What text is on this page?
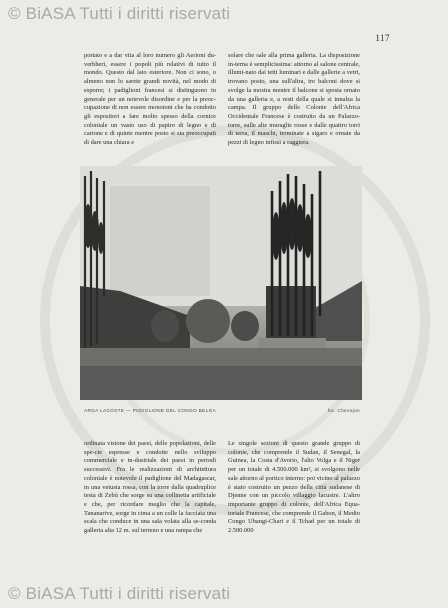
© BiASA Tutti i diritti riservati
117

portato e a dar vita al loro numero gli Aerioni du-verbheri, essere i popoli più relativi di tutto il mondo. Questo dal lato esteriore. Non ci sono, o almeno non lo sarete grandi novità, nel modo di esporre; i padiglioni francesi si distinguono in generale per un notevole disordine e per la preoc-cupazione di non essere monotoni che ha condotto gli espositori a fare molto spesso della cornice coloniale un vasto uso di papiro di legno e di cartone e di quinte mentre posto si sia preoccupati di dare una chiara e

solare che sale alla prima galleria. La disposizione in-terna è semplicissima: attorno al salone centrale, illumi-nato dai tetti luminari e dalle gallerie a vetri, trovano posto, una sull'altra, tre balconi dove si svolge la mostra mentre il balcone si sposta ornato da una galleria e, a resti della quale si innalza la campa. Il gruppo delle Colonie dell'Africa Occidentale Francese è costruito da un Palazzo-torre, sulle alte muraglie rosse e dalle quattro torri di terra, il maschi, terminate a sigaro e ornate da pezzi di legno infissi a raggiera.

ARGA LACOSTE — PADIGLIONE DEL CONGO BELGA	fot. Chevojon

ordinata visione dei paesi, delle popolazioni, delle spe-cie espresse e condotte nello sviluppo commerciale e in-dustriale dei paesi in periodi successivi. Fra le realizzazioni di architettura coloniale è notevole il padiglione del Madagascar, in una vetusta rossa, con la torre dalla quadruplice testa di Zebù che sorge su una collinetta artificiale e che, per ricordare meglio che la capitale, Tananarive, sorge in cima a un colle la facciata una scala che conduce in una sala volata alla se-conda galleria alta 12 m. sul terreno e una rampa che

Le singole sezioni di questo grande gruppo di colonie, che comprende il Sudan, il Senegal, la Guinea, la Costa d'Avorio, l'alto Volga e il Niger per un totale di 4.500.000 km², si svolgono nelle sale attorno al portico interno: poi vicino al palazzo è stato costruito un pezzo della città sudanese di Djenne con un piccolo villaggio lacustre. L'altro importante gruppo di colonie, dell'Africa Equa-toriale Francese, che comprende il Gabon, il Medio Congo Ubangi-Chari e il Tchad per un totale di 2.500.000

© BiASA Tutti i diritti riservati
